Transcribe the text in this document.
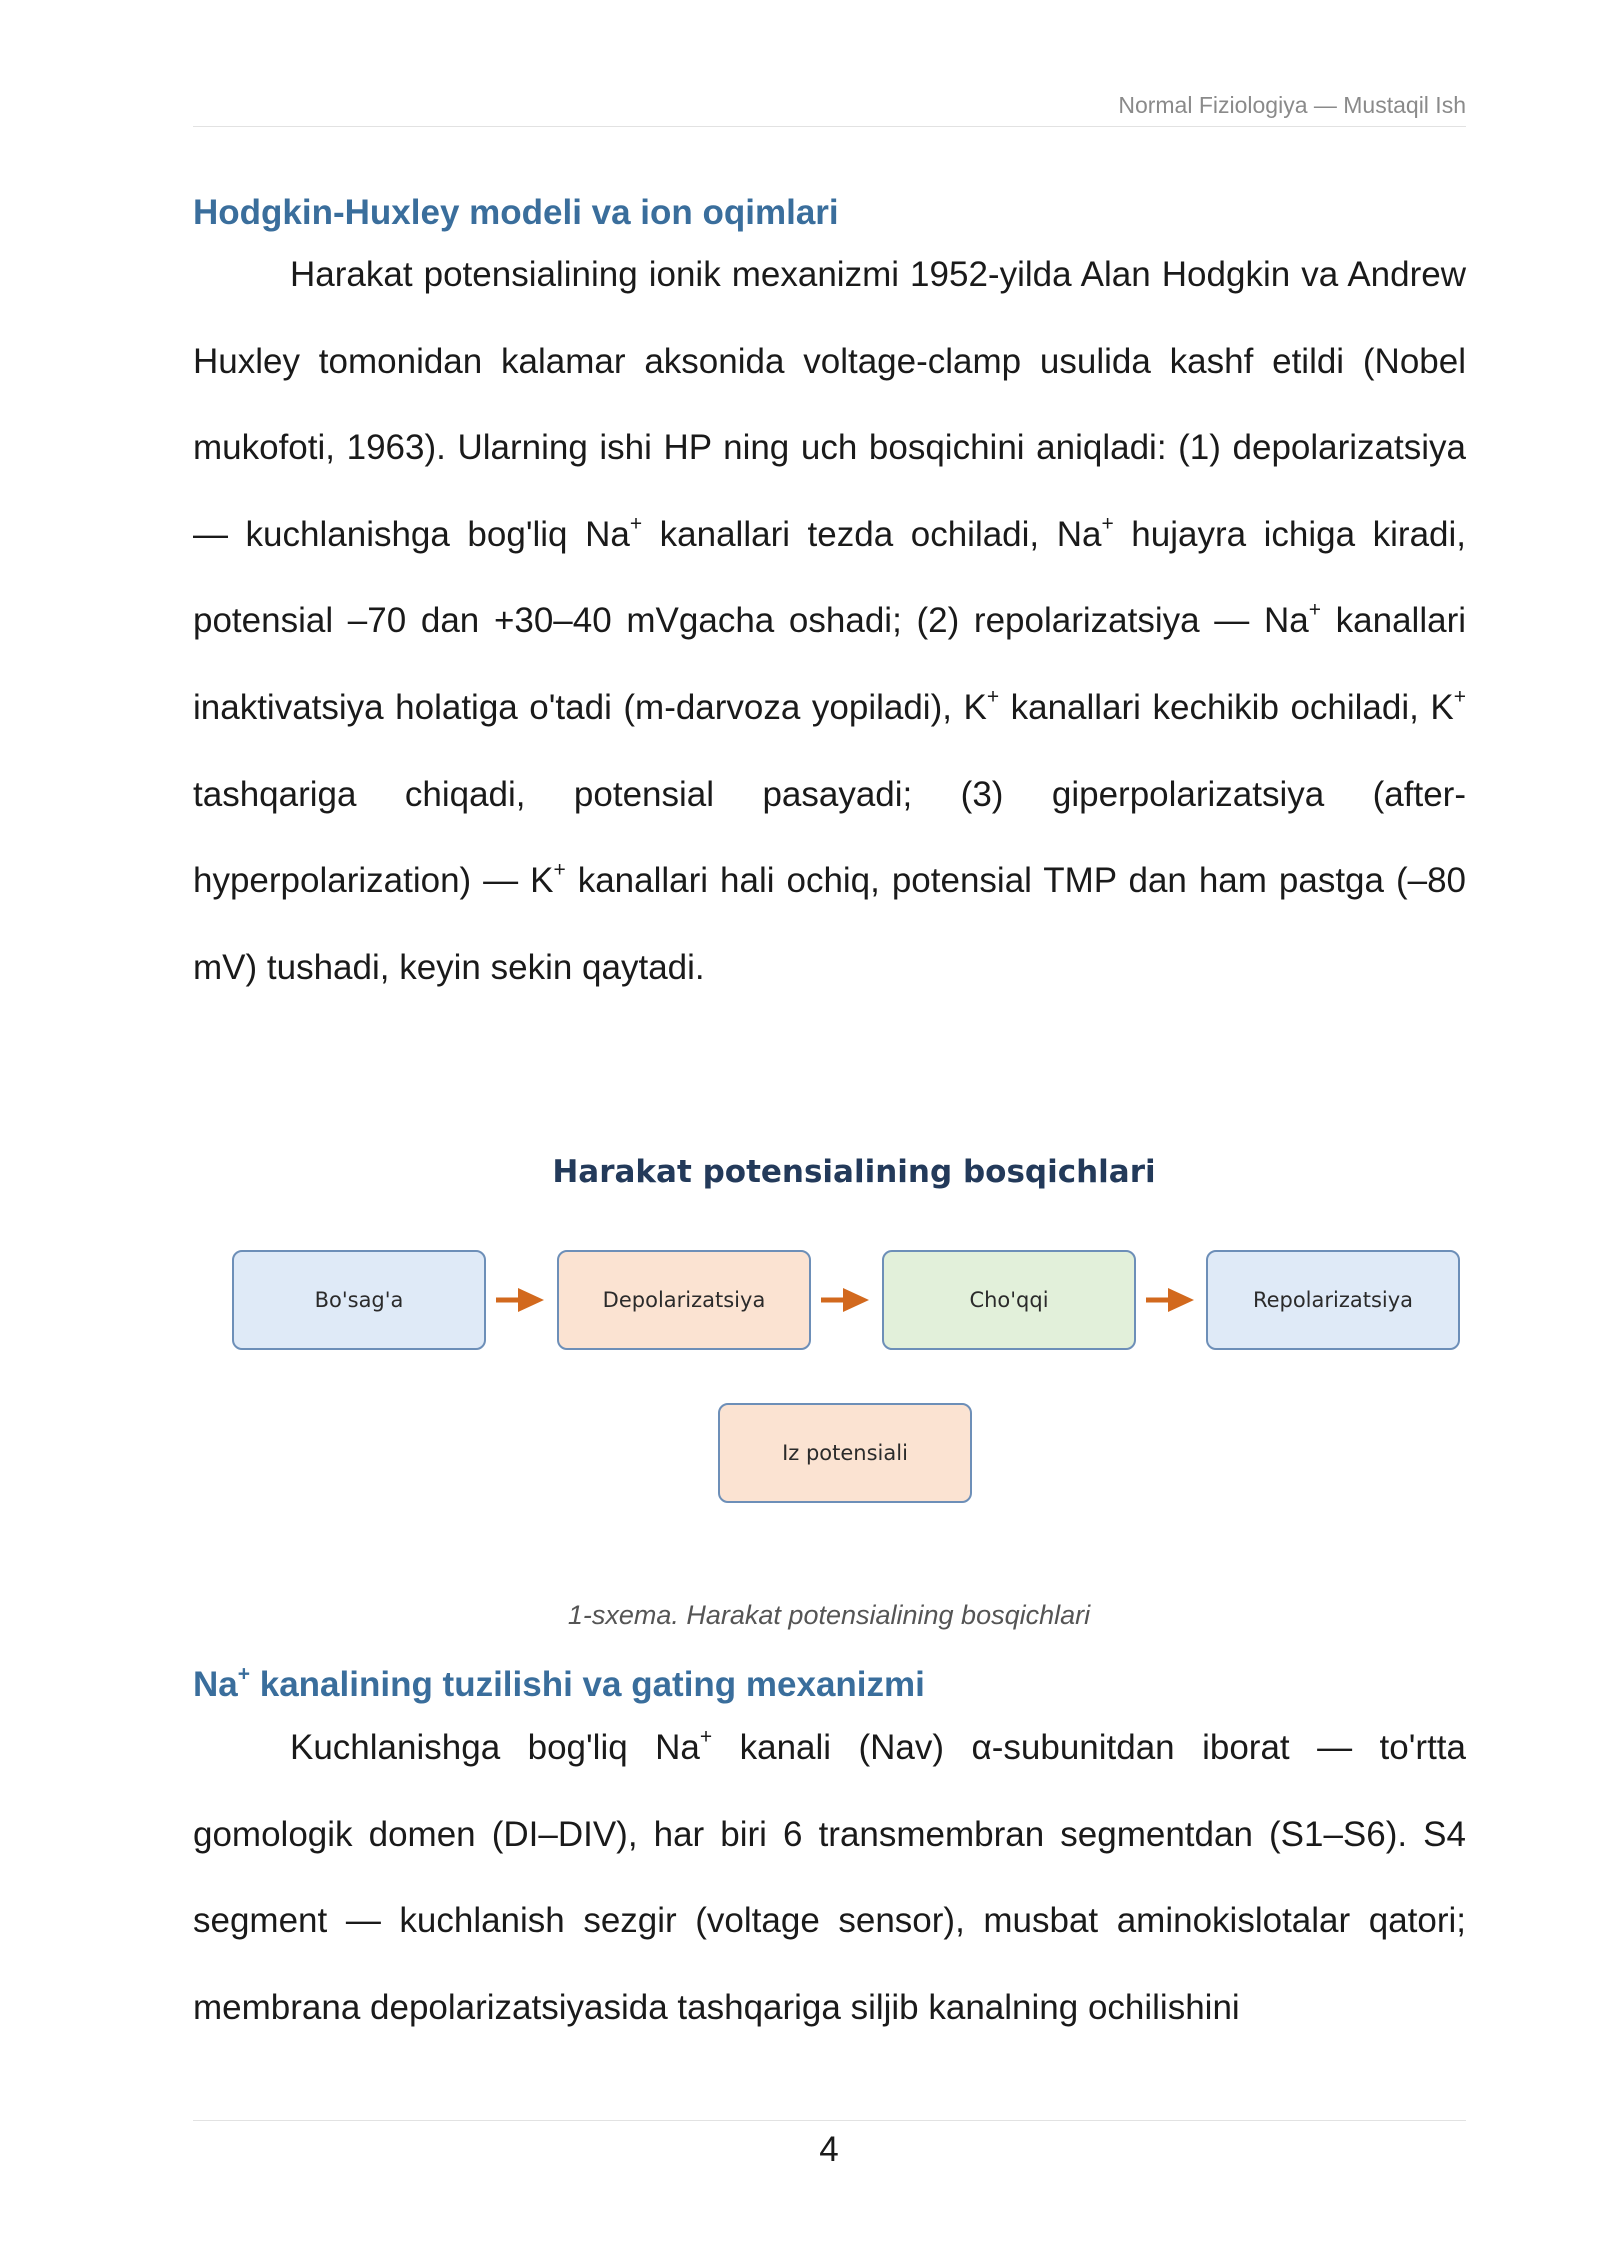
Normal Fiziologiya — Mustaqil Ish
Hodgkin-Huxley modeli va ion oqimlari

Harakat potensialining ionik mexanizmi 1952-yilda Alan Hodgkin va Andrew Huxley tomonidan kalamar aksonida voltage-clamp usulida kashf etildi (Nobel mukofoti, 1963). Ularning ishi HP ning uch bosqichini aniqladi: (1) depolarizatsiya — kuchlanishga bog'liq Na+ kanallari tezda ochiladi, Na+ hujayra ichiga kiradi, potensial –70 dan +30–40 mVgacha oshadi; (2) repolarizatsiya — Na+ kanallari inaktivatsiya holatiga o'tadi (m-darvoza yopiladi), K+ kanallari kechikib ochiladi, K+ tashqariga chiqadi, potensial pasayadi; (3) giperpolarizatsiya (after-hyperpolarization) — K+ kanallari hali ochiq, potensial TMP dan ham pastga (–80 mV) tushadi, keyin sekin qaytadi.

Harakat potensialining bosqichlari
Bo'sag'a	Depolarizatsiya	Cho'qqi	Repolarizatsiya
Iz potensiali
1-sxema. Harakat potensialining bosqichlari
Na+ kanalining tuzilishi va gating mexanizmi

Kuchlanishga bog'liq Na+ kanali (Nav) α-subunitdan iborat — to'rtta gomologik domen (DI–DIV), har biri 6 transmembran segmentdan (S1–S6). S4 segment — kuchlanish sezgir (voltage sensor), musbat aminokislotalar qatori; membrana depolarizatsiyasida tashqariga siljib kanalning ochilishini

4
